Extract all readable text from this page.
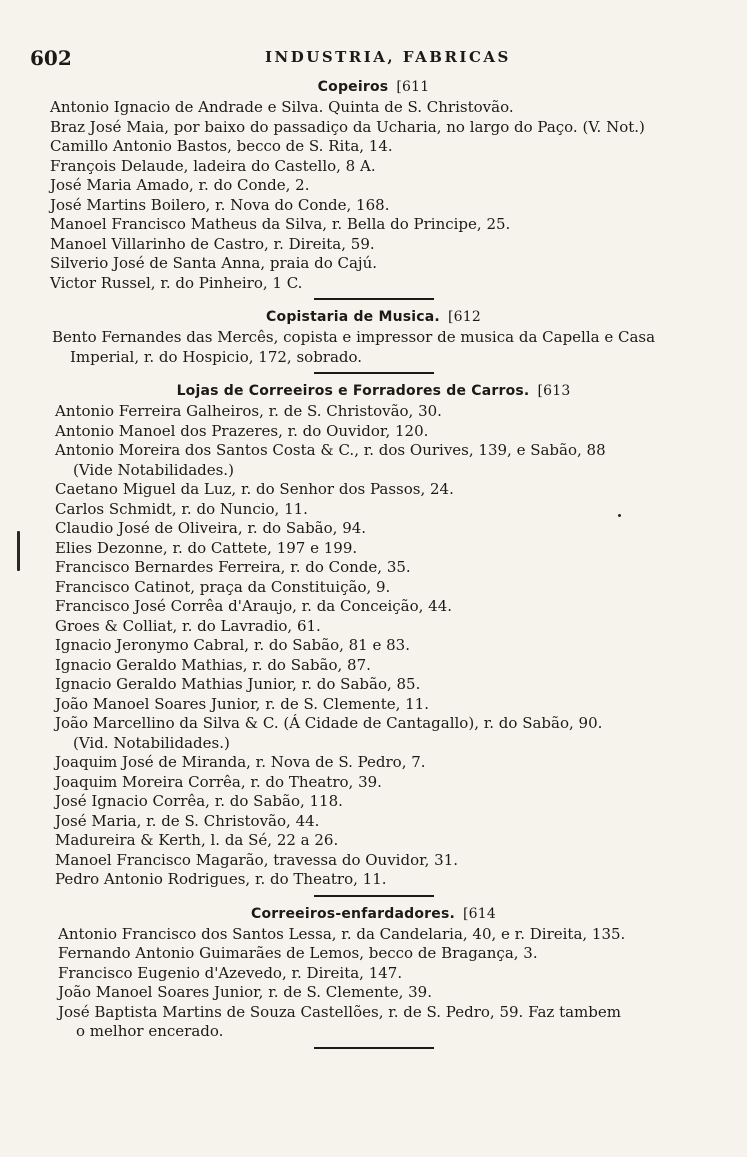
602	INDUSTRIA, FABRICAS
Copeiros [611

Antonio Ignacio de Andrade e Silva. Quinta de S. Christovão.

Braz José Maia, por baixo do passadiço da Ucharia, no largo do Paço. (V. Not.)

Camillo Antonio Bastos, becco de S. Rita, 14.

François Delaude, ladeira do Castello, 8 A.

José Maria Amado, r. do Conde, 2.

José Martins Boilero, r. Nova do Conde, 168.

Manoel Francisco Matheus da Silva, r. Bella do Principe, 25.

Manoel Villarinho de Castro, r. Direita, 59.

Silverio José de Santa Anna, praia do Cajú.

Victor Russel, r. do Pinheiro, 1 C.

Copistaria de Musica. [612

Bento Fernandes das Mercês, copista e impressor de musica da Capella e Casa
Imperial, r. do Hospicio, 172, sobrado.

Lojas de Correeiros e Forradores de Carros. [613

Antonio Ferreira Galheiros, r. de S. Christovão, 30.

Antonio Manoel dos Prazeres, r. do Ouvidor, 120.

Antonio Moreira dos Santos Costa & C., r. dos Ourives, 139, e Sabão, 88
(Vide Notabilidades.)

Caetano Miguel da Luz, r. do Senhor dos Passos, 24.

Carlos Schmidt, r. do Nuncio, 11.

Claudio José de Oliveira, r. do Sabão, 94.

Elies Dezonne, r. do Cattete, 197 e 199.

Francisco Bernardes Ferreira, r. do Conde, 35.

Francisco Catinot, praça da Constituição, 9.

Francisco José Corrêa d'Araujo, r. da Conceição, 44.

Groes & Colliat, r. do Lavradio, 61.

Ignacio Jeronymo Cabral, r. do Sabão, 81 e 83.

Ignacio Geraldo Mathias, r. do Sabão, 87.

Ignacio Geraldo Mathias Junior, r. do Sabão, 85.

João Manoel Soares Junior, r. de S. Clemente, 11.

João Marcellino da Silva & C. (Á Cidade de Cantagallo), r. do Sabão, 90.
(Vid. Notabilidades.)

Joaquim José de Miranda, r. Nova de S. Pedro, 7.

Joaquim Moreira Corrêa, r. do Theatro, 39.

José Ignacio Corrêa, r. do Sabão, 118.

José Maria, r. de S. Christovão, 44.

Madureira & Kerth, l. da Sé, 22 a 26.

Manoel Francisco Magarão, travessa do Ouvidor, 31.

Pedro Antonio Rodrigues, r. do Theatro, 11.

Correeiros-enfardadores. [614

Antonio Francisco dos Santos Lessa, r. da Candelaria, 40, e r. Direita, 135.

Fernando Antonio Guimarães de Lemos, becco de Bragança, 3.

Francisco Eugenio d'Azevedo, r. Direita, 147.

João Manoel Soares Junior, r. de S. Clemente, 39.

José Baptista Martins de Souza Castellões, r. de S. Pedro, 59. Faz tambem
o melhor encerado.
